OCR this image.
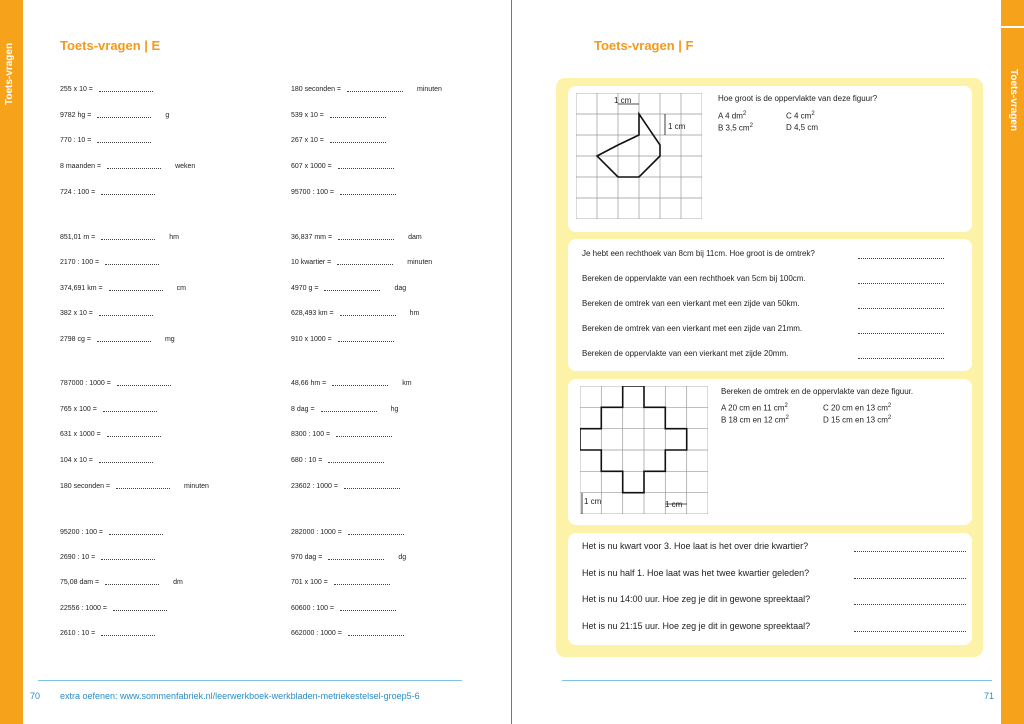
Toets-vragen	Toets-vragen | E
255 x 10 =
9782 hg =	g
770 : 10 =
8 maanden =	weken
724 : 100 =
851,01 m =	hm
2170 : 100 =
374,691 km =	cm
382 x 10 =
2798 cg =	mg
787000 : 1000 =
765 x 100 =
631 x 1000 =
104 x 10 =
180 seconden =	minuten
95200 : 100 =
2690 : 10 =
75,08 dam =	dm
22556 : 1000 =
2610 : 10 =
180 seconden =	minuten
539 x 10 =
267 x 10 =
607 x 1000 =
95700 : 100 =
36,837 mm =	dam
10 kwartier =	minuten
4970 g =	dag
628,493 km =	hm
910 x 1000 =
48,66 hm =	km
8 dag =	hg
8300 : 100 =
680 : 10 =
23602 : 1000 =
282000 : 1000 =
970 dag =	dg
701 x 100 =
60600 : 100 =
662000 : 1000 =
70 extra oefenen: www.sommenfabriek.nl/leerwerkboek-werkbladen-metriekestelsel-groep5-6
Toets-vragen
Toets-vragen | F
1 cm
1 cm
Hoe groot is de oppervlakte van deze figuur?
A 4 $dm^2$	C 4 $cm^2$
B 3,5 $cm^2$	D 4,5 cm
Je hebt een rechthoek van 8cm bij 11cm. Hoe groot is de omtrek?
Bereken de oppervlakte van een rechthoek van 5cm bij 100cm.
Bereken de omtrek van een vierkant met een zijde van 50km.
Bereken de omtrek van een vierkant met een zijde van 21mm.
Bereken de oppervlakte van een vierkant met zijde 20mm.
1 cm	1 cm
Bereken de omtrek en de oppervlakte van deze figuur.
A 20 cm en 11 $cm^2$	C 20 cm en 13 $cm^2$
B 18 cm en 12 $cm^2$	D 15 cm en 13 $cm^2$
Het is nu kwart voor 3. Hoe laat is het over drie kwartier?
Het is nu half 1. Hoe laat was het twee kwartier geleden?
Het is nu 14:00 uur. Hoe zeg je dit in gewone spreektaal?
Het is nu 21:15 uur. Hoe zeg je dit in gewone spreektaal?
71
